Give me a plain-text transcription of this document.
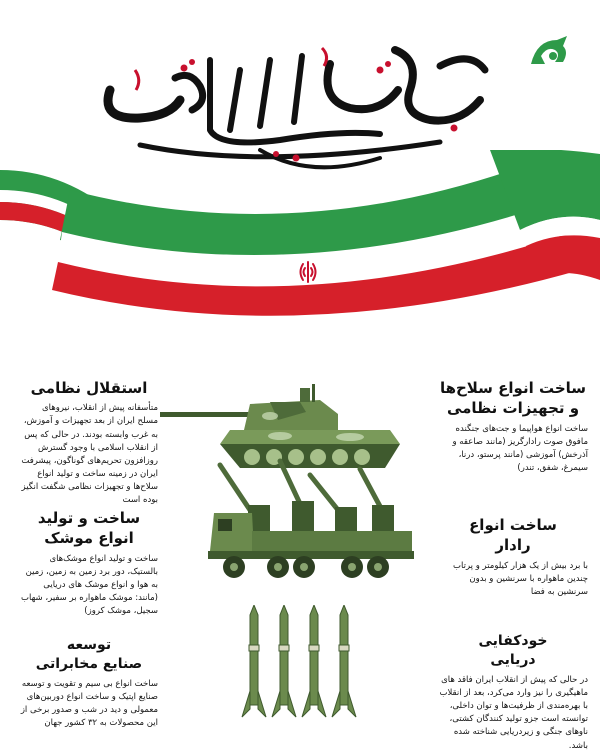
استقلال نظامی

متأسفانه پیش از انقلاب، نیروهای مسلح ایران از بعد تجهیزات و آموزش، به غرب وابسته بودند. در حالی که پس از انقلاب اسلامی با وجود گسترش روزافزون تحریم‌های گوناگون، پیشرفت ایران در زمینه ساخت و تولید انواع سلاح‌ها و تجهیزات نظامی شگفت انگیز بوده است

ساخت و تولید
انواع موشک

ساخت و تولید انواع موشک‌های بالستیک، دور برد زمین به زمین، زمین به هوا و انواع موشک های دریایی (مانند: موشک ماهواره بر سفیر، شهاب سجیل، موشک کروز)

توسعه
صنایع مخابراتی

ساخت انواع بی سیم و تقویت و توسعه صنایع اپتیک و ساخت انواع دوربین‌های معمولی و دید در شب و صدور برخی از این محصولات به ۳۲ کشور جهان

ساخت انواع سلاح‌ها
و تجهیزات نظامی

ساخت انواع هواپیما و جت‌های جنگنده مافوق صوت رادارگریز (مانند صاعقه و آذرخش) آموزشی (مانند پرستو، درنا، سیمرغ، شفق، تندر)

ساخت انواع
رادار

با برد بیش از یک هزار کیلومتر و پرتاب چندین ماهواره با سرنشین و بدون سرنشین به فضا

خودکفایی
دریایی

در حالی که پیش از انقلاب ایران فاقد های ماهیگیری را نیز وارد می‌کرد، بعد از انقلاب با بهره‌مندی از ظرفیت‌ها و توان داخلی، توانسته است جزو تولید کنندگان کشتی، ناوهای جنگی و زیردریایی شناخته شده باشد.
